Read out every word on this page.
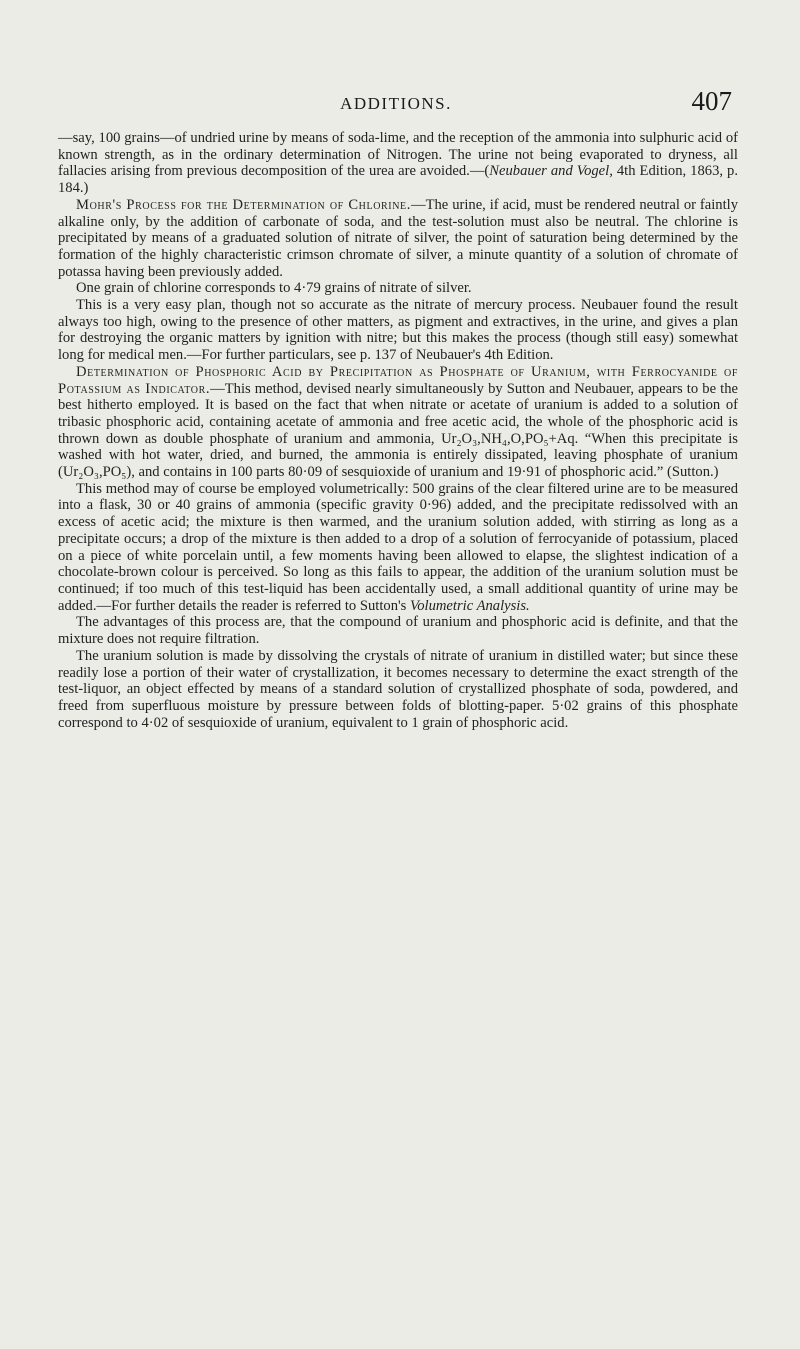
ADDITIONS.	407

—say, 100 grains—of undried urine by means of soda-lime, and the reception of the ammonia into sulphuric acid of known strength, as in the ordinary determination of Nitrogen. The urine not being evaporated to dryness, all fallacies arising from previous decomposition of the urea are avoided.—(Neubauer and Vogel, 4th Edition, 1863, p. 184.)

Mohr's Process for the Determination of Chlorine.—The urine, if acid, must be rendered neutral or faintly alkaline only, by the addition of carbonate of soda, and the test-solution must also be neutral. The chlorine is precipitated by means of a graduated solution of nitrate of silver, the point of saturation being determined by the formation of the highly characteristic crimson chromate of silver, a minute quantity of a solution of chromate of potassa having been previously added.

One grain of chlorine corresponds to 4·79 grains of nitrate of silver.

This is a very easy plan, though not so accurate as the nitrate of mercury process. Neubauer found the result always too high, owing to the presence of other matters, as pigment and extractives, in the urine, and gives a plan for destroying the organic matters by ignition with nitre; but this makes the process (though still easy) somewhat long for medical men.—For further particulars, see p. 137 of Neubauer's 4th Edition.

Determination of Phosphoric Acid by Precipitation as Phosphate of Uranium, with Ferrocyanide of Potassium as Indicator.—This method, devised nearly simultaneously by Sutton and Neubauer, appears to be the best hitherto employed. It is based on the fact that when nitrate or acetate of uranium is added to a solution of tribasic phosphoric acid, containing acetate of ammonia and free acetic acid, the whole of the phosphoric acid is thrown down as double phosphate of uranium and ammonia, Ur₂O₃,NH₄,O,PO₅+Aq. “When this precipitate is washed with hot water, dried, and burned, the ammonia is entirely dissipated, leaving phosphate of uranium (Ur₂O₃,PO₅), and contains in 100 parts 80·09 of sesquioxide of uranium and 19·91 of phosphoric acid.” (Sutton.)

This method may of course be employed volumetrically: 500 grains of the clear filtered urine are to be measured into a flask, 30 or 40 grains of ammonia (specific gravity 0·96) added, and the precipitate redissolved with an excess of acetic acid; the mixture is then warmed, and the uranium solution added, with stirring as long as a precipitate occurs; a drop of the mixture is then added to a drop of a solution of ferrocyanide of potassium, placed on a piece of white porcelain until, a few moments having been allowed to elapse, the slightest indication of a chocolate-brown colour is perceived. So long as this fails to appear, the addition of the uranium solution must be continued; if too much of this test-liquid has been accidentally used, a small additional quantity of urine may be added.—For further details the reader is referred to Sutton's Volumetric Analysis.

The advantages of this process are, that the compound of uranium and phosphoric acid is definite, and that the mixture does not require filtration.

The uranium solution is made by dissolving the crystals of nitrate of uranium in distilled water; but since these readily lose a portion of their water of crystallization, it becomes necessary to determine the exact strength of the test-liquor, an object effected by means of a standard solution of crystallized phosphate of soda, powdered, and freed from superfluous moisture by pressure between folds of blotting-paper. 5·02 grains of this phosphate correspond to 4·02 of sesquioxide of uranium, equivalent to 1 grain of phosphoric acid.
